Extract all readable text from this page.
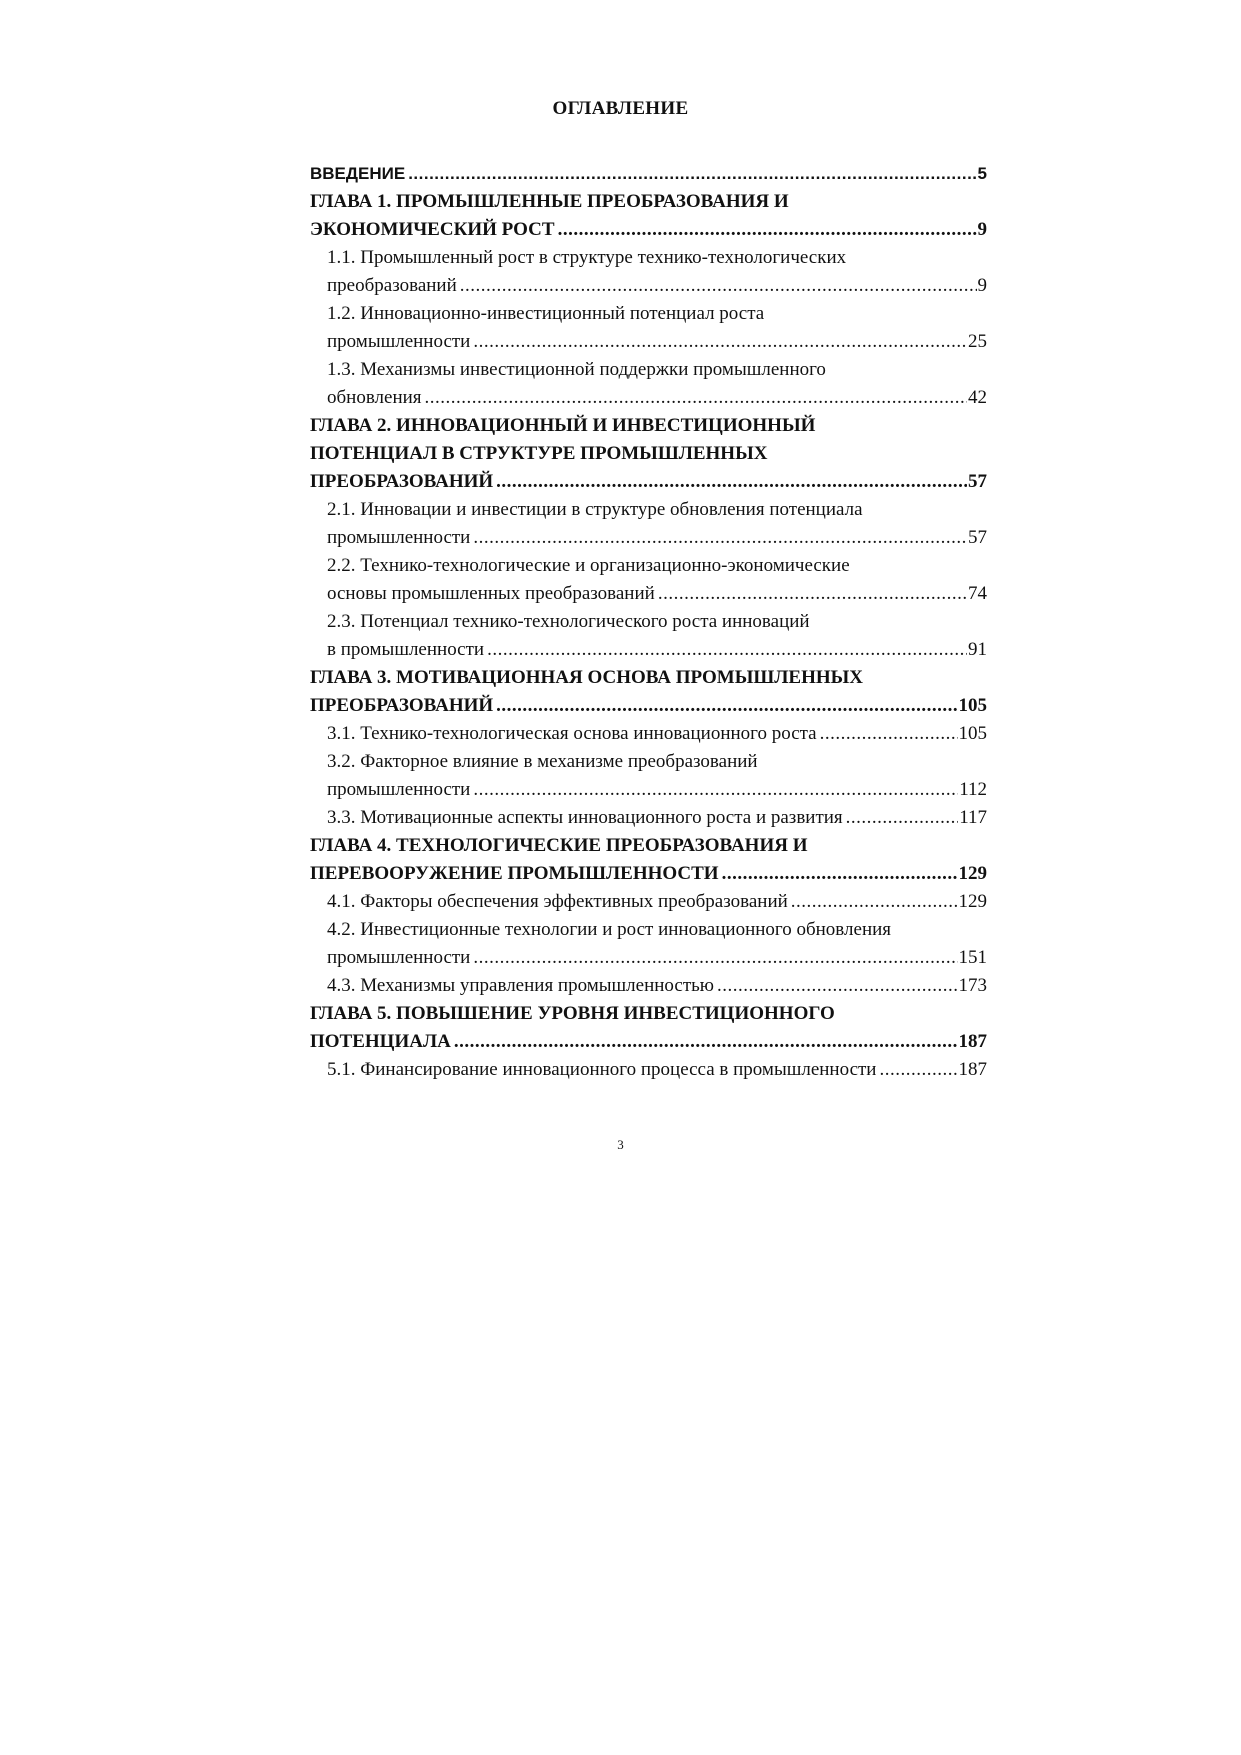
ОГЛАВЛЕНИЕ
ВВЕДЕНИЕ .....	5
ГЛАВА 1. ПРОМЫШЛЕННЫЕ ПРЕОБРАЗОВАНИЯ И
ЭКОНОМИЧЕСКИЙ РОСТ .....	9
1.1. Промышленный рост в структуре технико-технологических
преобразований .....	9
1.2. Инновационно-инвестиционный потенциал роста
промышленности .....	25
1.3. Механизмы инвестиционной поддержки промышленного
обновления .....	42
ГЛАВА 2. ИННОВАЦИОННЫЙ И ИНВЕСТИЦИОННЫЙ
ПОТЕНЦИАЛ В СТРУКТУРЕ ПРОМЫШЛЕННЫХ
ПРЕОБРАЗОВАНИЙ .....	57
2.1. Инновации и инвестиции в структуре обновления потенциала
промышленности .....	57
2.2. Технико-технологические и организационно-экономические
основы промышленных преобразований .....	74
2.3. Потенциал технико-технологического роста инноваций
в промышленности .....	91
ГЛАВА 3. МОТИВАЦИОННАЯ ОСНОВА ПРОМЫШЛЕННЫХ
ПРЕОБРАЗОВАНИЙ .....	105
3.1. Технико-технологическая основа инновационного роста .....	105
3.2. Факторное влияние в механизме преобразований
промышленности .....	112
3.3. Мотивационные аспекты инновационного роста и развития .....	117
ГЛАВА 4. ТЕХНОЛОГИЧЕСКИЕ ПРЕОБРАЗОВАНИЯ И
ПЕРЕВООРУЖЕНИЕ ПРОМЫШЛЕННОСТИ .....	129
4.1. Факторы обеспечения эффективных преобразований .....	129
4.2. Инвестиционные технологии и рост инновационного обновления
промышленности .....	151
4.3. Механизмы управления промышленностью .....	173
ГЛАВА 5. ПОВЫШЕНИЕ УРОВНЯ ИНВЕСТИЦИОННОГО
ПОТЕНЦИАЛА .....	187
5.1. Финансирование инновационного процесса в промышленности .....	187
3
